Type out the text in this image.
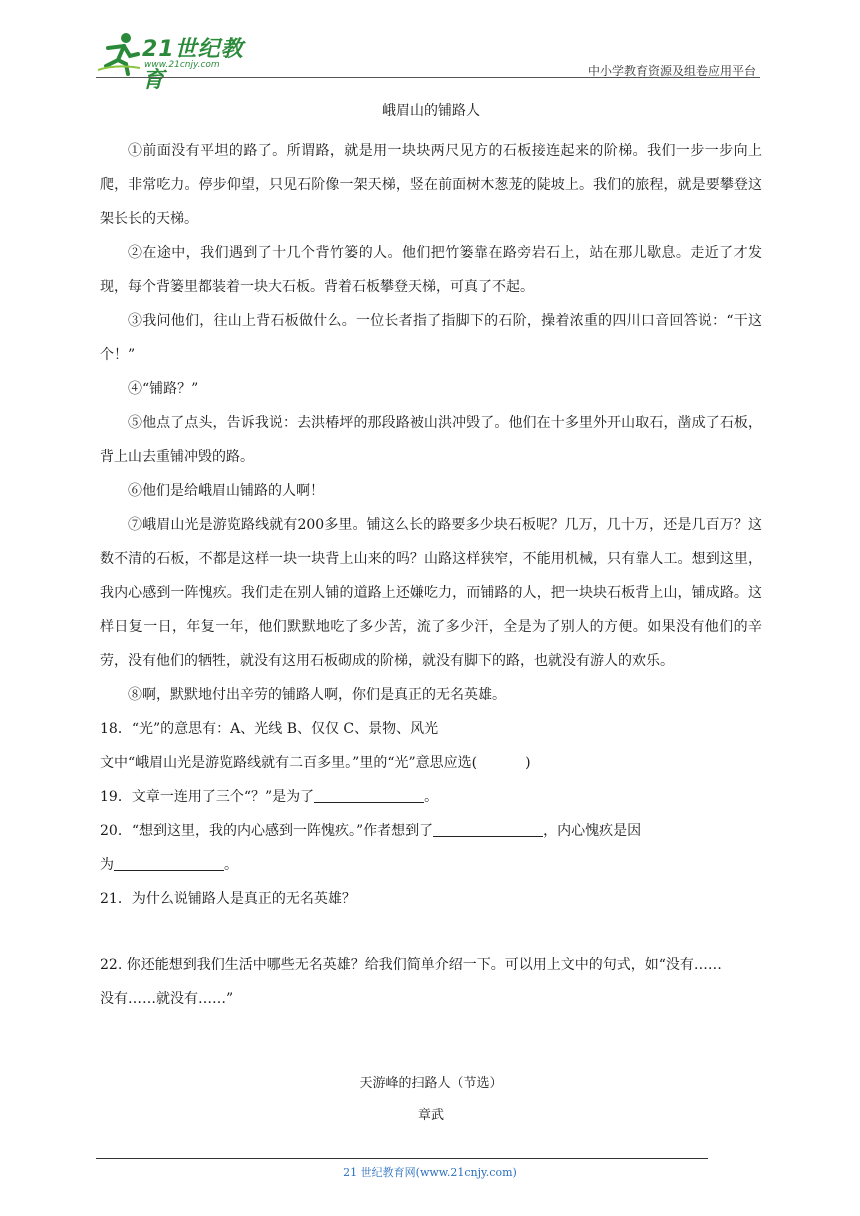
21世纪教育
www.21cnjy.com	中小学教育资源及组卷应用平台

峨眉山的铺路人

①前面没有平坦的路了。所谓路，就是用一块块两尺见方的石板接连起来的阶梯。我们一步一步向上爬，非常吃力。停步仰望，只见石阶像一架天梯，竖在前面树木葱茏的陡坡上。我们的旅程，就是要攀登这架长长的天梯。

②在途中，我们遇到了十几个背竹篓的人。他们把竹篓靠在路旁岩石上，站在那儿歇息。走近了才发现，每个背篓里都装着一块大石板。背着石板攀登天梯，可真了不起。

③我问他们，往山上背石板做什么。一位长者指了指脚下的石阶，操着浓重的四川口音回答说：“干这个！”

④“铺路？”

⑤他点了点头，告诉我说：去洪椿坪的那段路被山洪冲毁了。他们在十多里外开山取石，凿成了石板，背上山去重铺冲毁的路。

⑥他们是给峨眉山铺路的人啊！

⑦峨眉山光是游览路线就有200多里。铺这么长的路要多少块石板呢？几万，几十万，还是几百万？这数不清的石板，不都是这样一块一块背上山来的吗？山路这样狭窄，不能用机械，只有靠人工。想到这里，我内心感到一阵愧疚。我们走在别人铺的道路上还嫌吃力，而铺路的人，把一块块石板背上山，铺成路。这样日复一日，年复一年，他们默默地吃了多少苦，流了多少汗，全是为了别人的方便。如果没有他们的辛劳，没有他们的牺牲，就没有这用石板砌成的阶梯，就没有脚下的路，也就没有游人的欢乐。

⑧啊，默默地付出辛劳的铺路人啊，你们是真正的无名英雄。

18．“光”的意思有：A、光线 B、仅仅 C、景物、风光

文中“峨眉山光是游览路线就有二百多里。”里的“光”意思应选(	)

19．文章一连用了三个“？”是为了	。

20．“想到这里，我的内心感到一阵愧疚。”作者想到了	，内心愧疚是因

为	。

21．为什么说铺路人是真正的无名英雄？

22. 你还能想到我们生活中哪些无名英雄？给我们简单介绍一下。可以用上文中的句式，如“没有……

没有……就没有……”

天游峰的扫路人（节选）

章武

21 世纪教育网(www.21cnjy.com)
